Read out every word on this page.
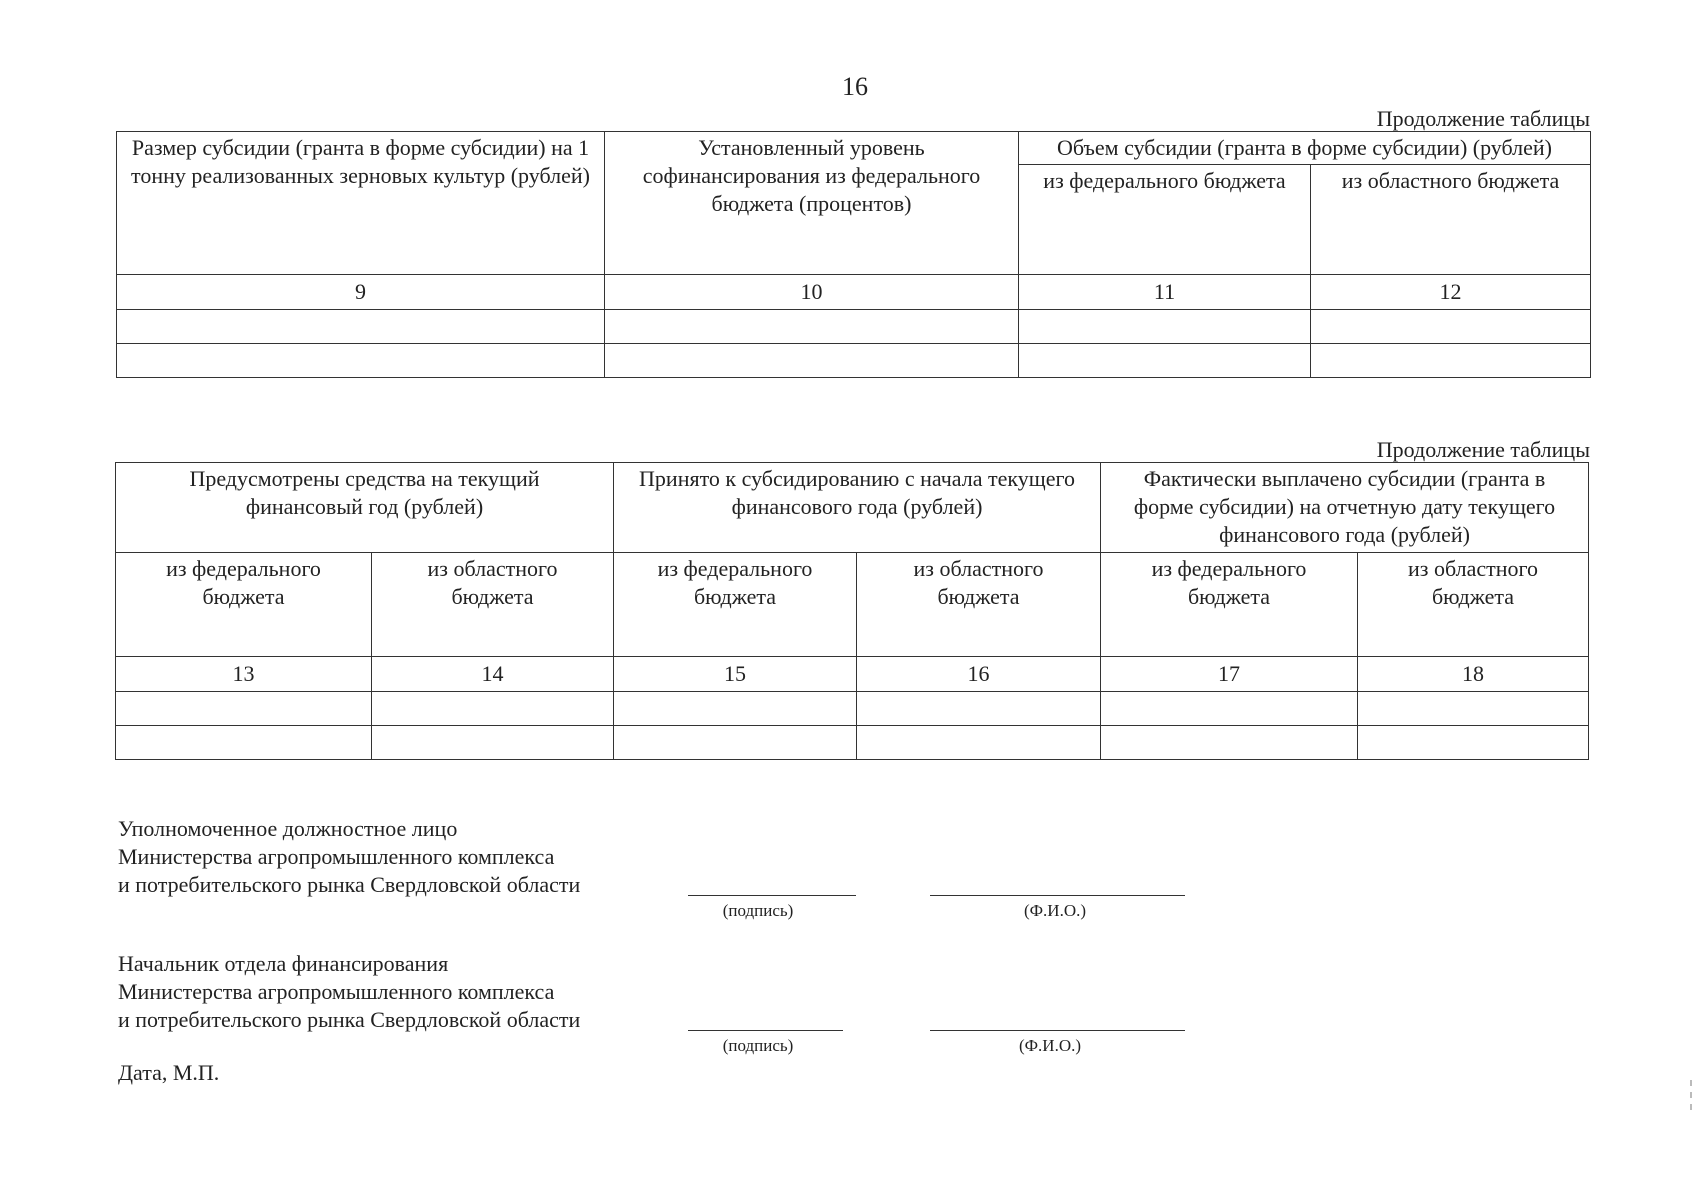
16
Продолжение таблицы
Размер субсидии (гранта в форме субсидии) на 1 тонну реализованных зерновых культур (рублей)	Установленный уровень софинансирования из федерального бюджета (процентов)	Объем субсидии (гранта в форме субсидии) (рублей)	
		из федерального бюджета	из областного бюджета
9	10	11	12

Продолжение таблицы
Предусмотрены средства на текущий финансовый год (рублей)		Принято к субсидированию с начала текущего финансового года (рублей)		Фактически выплачено субсидии (гранта в форме субсидии) на отчетную дату текущего финансового года (рублей)	
из федерального бюджета	из областного бюджета	из федерального бюджета	из областного бюджета	из федерального бюджета	из областного бюджета
13	14	15	16	17	18

Уполномоченное должностное лицо
Министерства агропромышленного комплекса
и потребительского рынка Свердловской области
(подпись)	(Ф.И.О.)
Начальник отдела финансирования
Министерства агропромышленного комплекса
и потребительского рынка Свердловской области
(подпись)	(Ф.И.О.)
Дата, М.П.
